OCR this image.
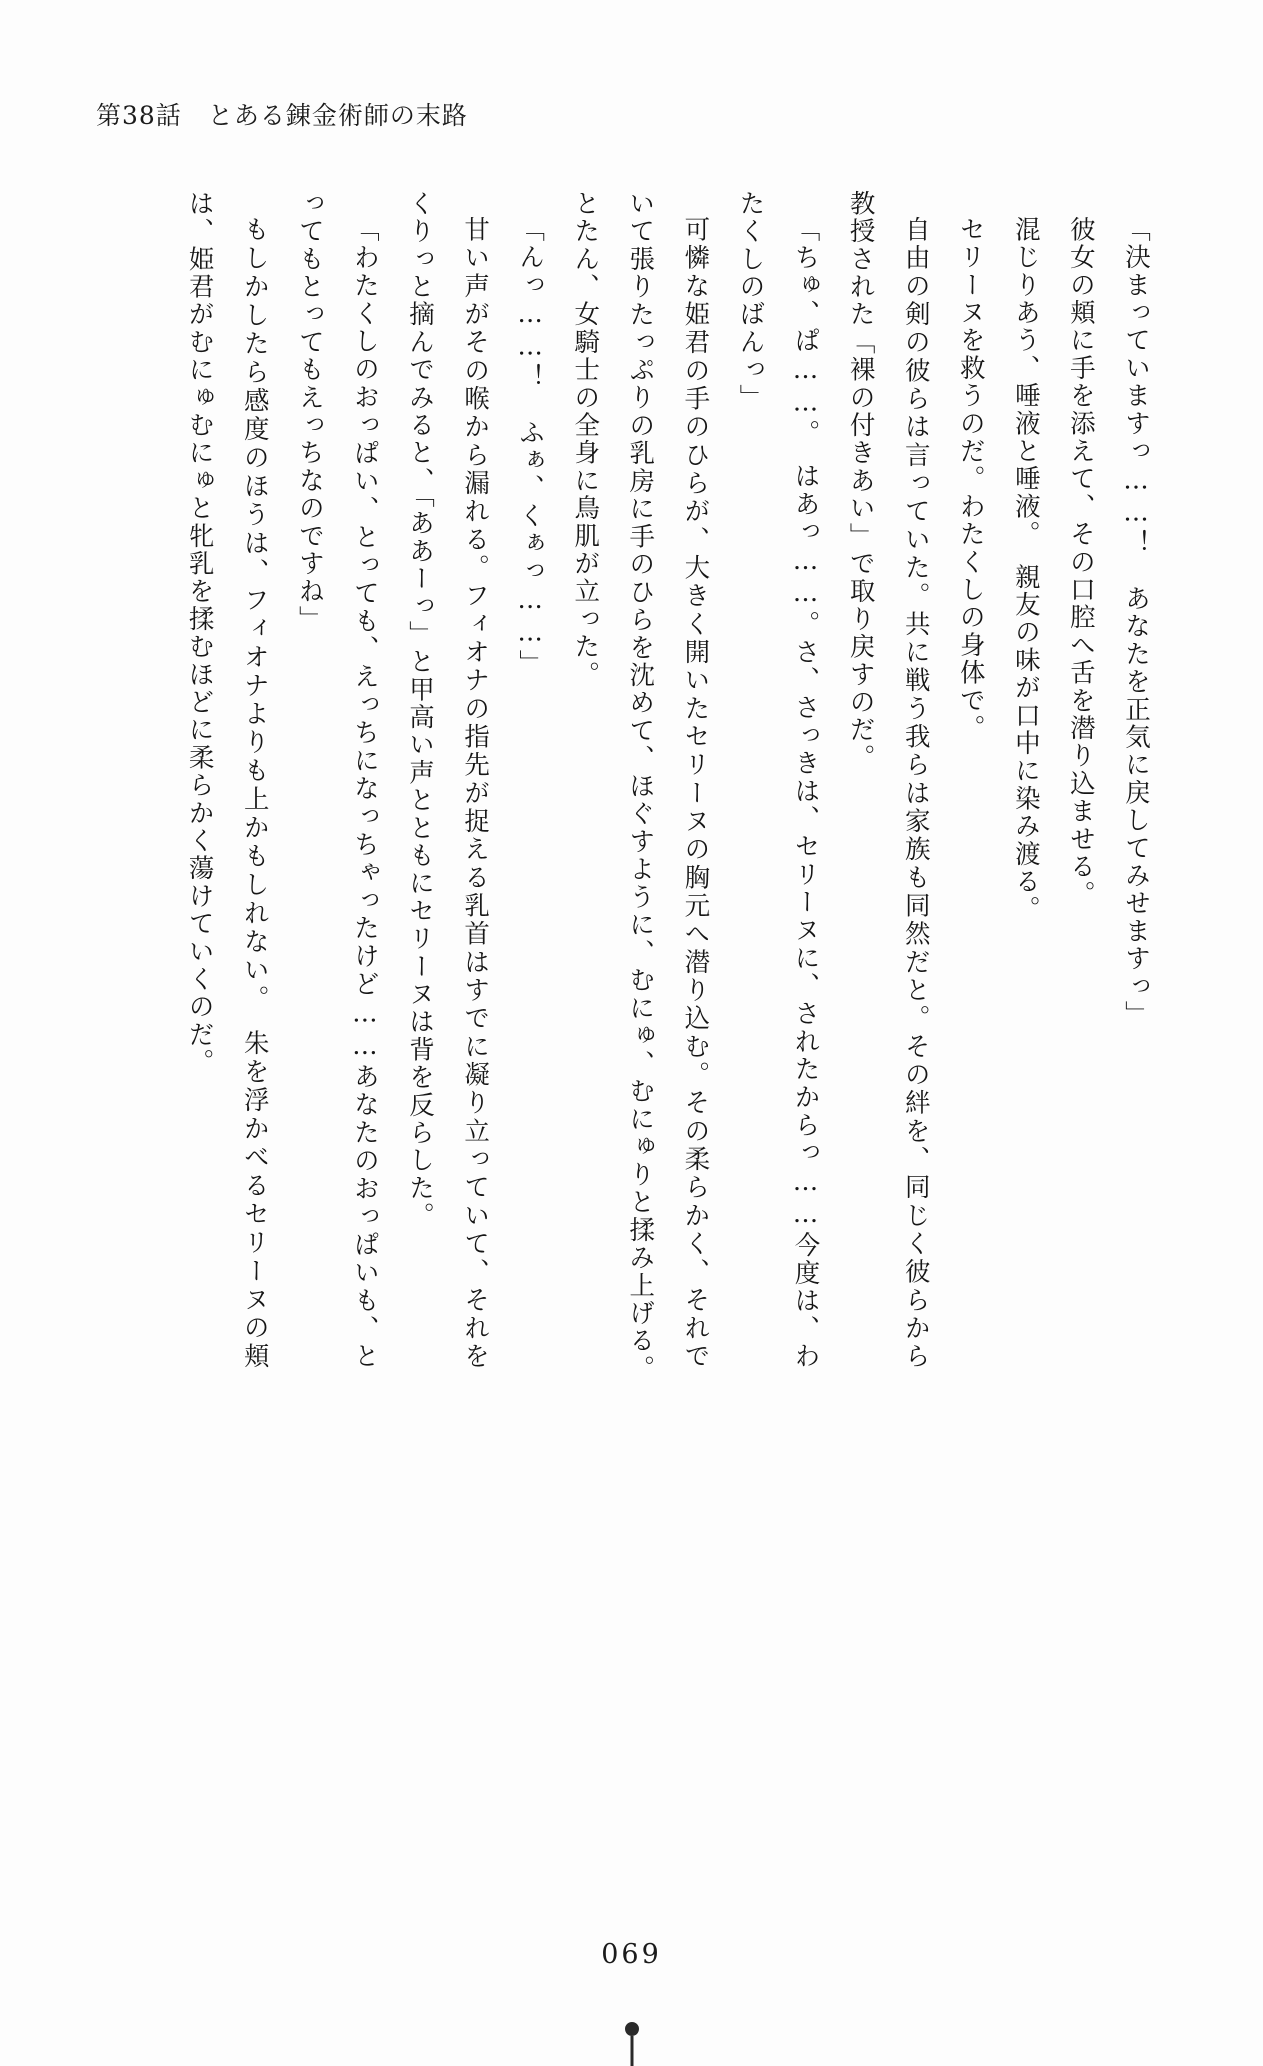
第38話 とある錬金術師の末路

「決まっていますっ……！　あなたを正気に戻してみせますっ」

彼女の頬に手を添えて、その口腔へ舌を潜り込ませる。

混じりあう、唾液と唾液。　親友の味が口中に染み渡る。

セリーヌを救うのだ。わたくしの身体で。

自由の剣の彼らは言っていた。共に戦う我らは家族も同然だと。その絆を、同じく彼らから教授された「裸の付きあい」で取り戻すのだ。

「ちゅ、ぱ……。　はあっ……。さ、さっきは、セリーヌに、されたからっ……今度は、わたくしのばんっ」

可憐な姫君の手のひらが、大きく開いたセリーヌの胸元へ潜り込む。その柔らかく、それでいて張りたっぷりの乳房に手のひらを沈めて、ほぐすように、むにゅ、むにゅりと揉み上げる。　とたん、女騎士の全身に鳥肌が立った。

「んっ……！　ふぁ、くぁっ……」

甘い声がその喉から漏れる。フィオナの指先が捉える乳首はすでに凝り立っていて、それをくりっと摘んでみると、「ああーっ」と甲高い声とともにセリーヌは背を反らした。

「わたくしのおっぱい、とっても、えっちになっちゃったけど……あなたのおっぱいも、とってもとってもえっちなのですね」

もしかしたら感度のほうは、フィオナよりも上かもしれない。　朱を浮かべるセリーヌの頬は、姫君がむにゅむにゅと牝乳を揉むほどに柔らかく蕩けていくのだ。

069
